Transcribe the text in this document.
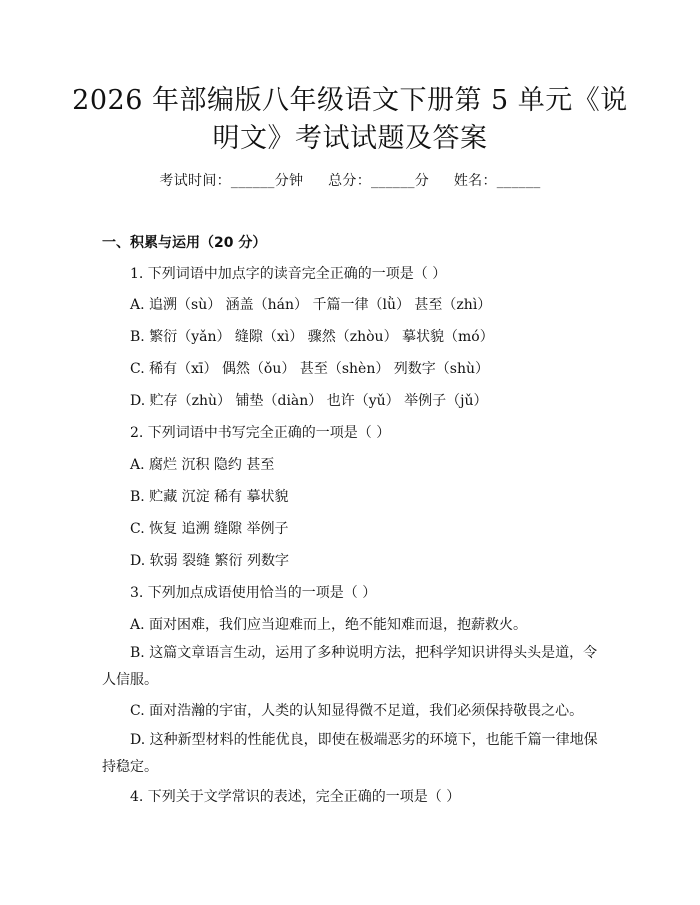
2026 年部编版八年级语文下册第 5 单元《说
明文》考试试题及答案
考试时间：______分钟 总分：______分 姓名：______
一、积累与运用（20 分）
1. 下列词语中加点字的读音完全正确的一项是（ ）
A. 追溯（sù） 涵盖（hán） 千篇一律（lǜ） 甚至（zhì）
B. 繁衍（yǎn） 缝隙（xì） 骤然（zhòu） 摹状貌（mó）
C. 稀有（xī） 偶然（ǒu） 甚至（shèn） 列数字（shù）
D. 贮存（zhù） 铺垫（diàn） 也许（yǔ） 举例子（jǔ）
2. 下列词语中书写完全正确的一项是（ ）
A. 腐烂 沉积 隐约 甚至
B. 贮藏 沉淀 稀有 摹状貌
C. 恢复 追溯 缝隙 举例子
D. 软弱 裂缝 繁衍 列数字
3. 下列加点成语使用恰当的一项是（ ）
A. 面对困难，我们应当迎难而上，绝不能知难而退，抱薪救火。
B. 这篇文章语言生动，运用了多种说明方法，把科学知识讲得头头是道，令人信服。
C. 面对浩瀚的宇宙，人类的认知显得微不足道，我们必须保持敬畏之心。
D. 这种新型材料的性能优良，即使在极端恶劣的环境下，也能千篇一律地保持稳定。
4. 下列关于文学常识的表述，完全正确的一项是（ ）
